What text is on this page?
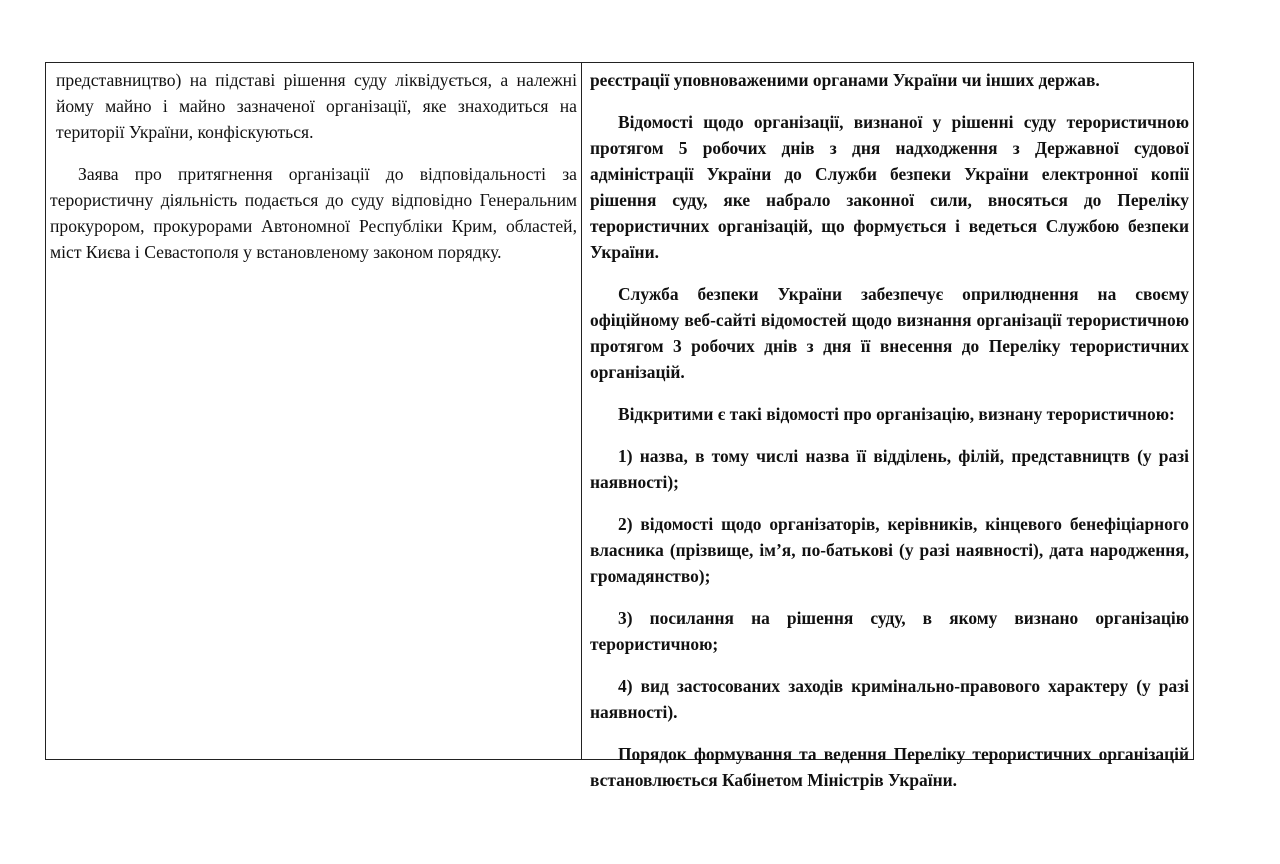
представництво) на підставі рішення суду ліквідується, а належні йому майно і майно зазначеної організації, яке знаходиться на території України, конфіскуються.

Заява про притягнення організації до відповідальності за терористичну діяльність подається до суду відповідно Генеральним прокурором, прокурорами Автономної Республіки Крим, областей, міст Києва і Севастополя у встановленому законом порядку.

реєстрації уповноваженими органами України чи інших держав.

Відомості щодо організації, визнаної у рішенні суду терористичною протягом 5 робочих днів з дня надходження з Державної судової адміністрації України до Служби безпеки України електронної копії рішення суду, яке набрало законної сили, вносяться до Переліку терористичних організацій, що формується і ведеться Службою безпеки України.

Служба безпеки України забезпечує оприлюднення на своєму офіційному веб-сайті відомостей щодо визнання організації терористичною протягом 3 робочих днів з дня її внесення до Переліку терористичних організацій.

Відкритими є такі відомості про організацію, визнану терористичною:

1) назва, в тому числі назва її відділень, філій, представництв (у разі наявності);

2) відомості щодо організаторів, керівників, кінцевого бенефіціарного власника (прізвище, ім’я, по-батькові (у разі наявності), дата народження, громадянство);

3) посилання на рішення суду, в якому визнано організацію терористичною;

4) вид застосованих заходів кримінально-правового характеру (у разі наявності).

Порядок формування та ведення Переліку терористичних організацій встановлюється Кабінетом Міністрів України.
